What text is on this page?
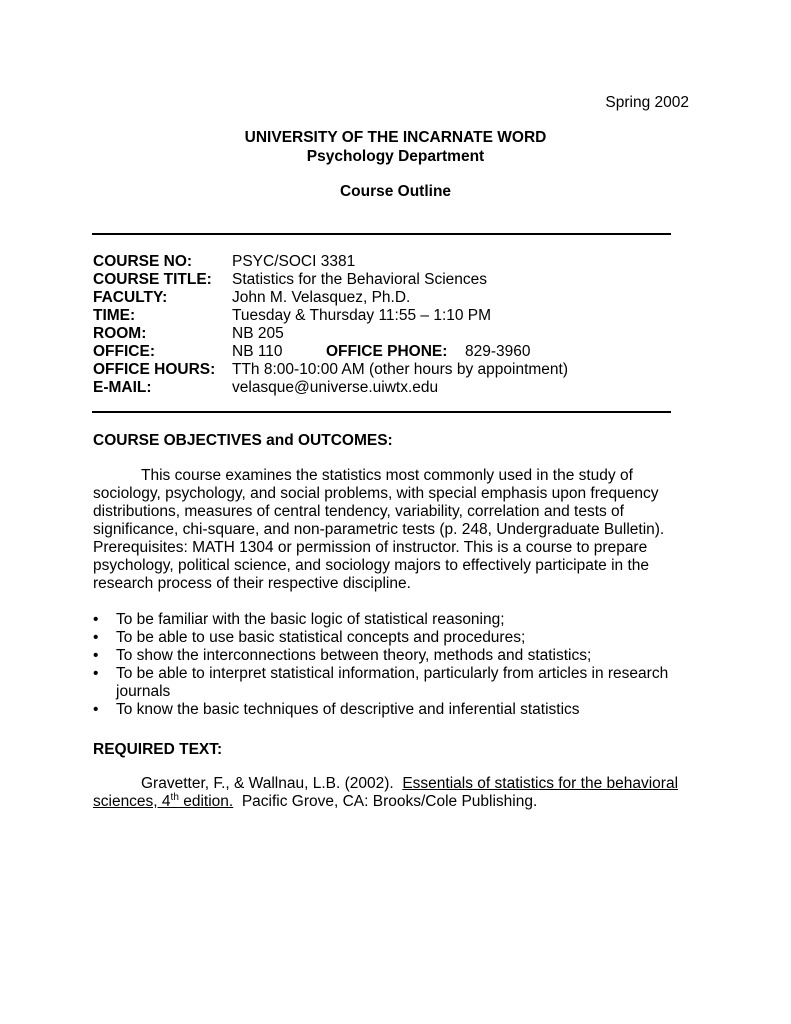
Spring 2002
UNIVERSITY OF THE INCARNATE WORD
Psychology Department
Course Outline
COURSE NO:	PSYC/SOCI 3381
COURSE TITLE: Statistics for the Behavioral Sciences
FACULTY:	John M. Velasquez, Ph.D.
TIME:	Tuesday & Thursday 11:55 – 1:10 PM
ROOM:	NB 205
OFFICE:	NB 110	OFFICE PHONE: 829-3960
OFFICE HOURS: TTh 8:00-10:00 AM (other hours by appointment)
E-MAIL:	velasque@universe.uiwtx.edu
COURSE OBJECTIVES and OUTCOMES:
This course examines the statistics most commonly used in the study of
sociology, psychology, and social problems, with special emphasis upon frequency
distributions, measures of central tendency, variability, correlation and tests of
significance, chi-square, and non-parametric tests (p. 248, Undergraduate Bulletin).
Prerequisites: MATH 1304 or permission of instructor. This is a course to prepare
psychology, political science, and sociology majors to effectively participate in the
research process of their respective discipline.
• To be familiar with the basic logic of statistical reasoning;
• To be able to use basic statistical concepts and procedures;
• To show the interconnections between theory, methods and statistics;
• To be able to interpret statistical information, particularly from articles in research
journals
• To know the basic techniques of descriptive and inferential statistics
REQUIRED TEXT:
Gravetter, F., & Wallnau, L.B. (2002). Essentials of statistics for the behavioral
sciences, 4th edition. Pacific Grove, CA: Brooks/Cole Publishing.
